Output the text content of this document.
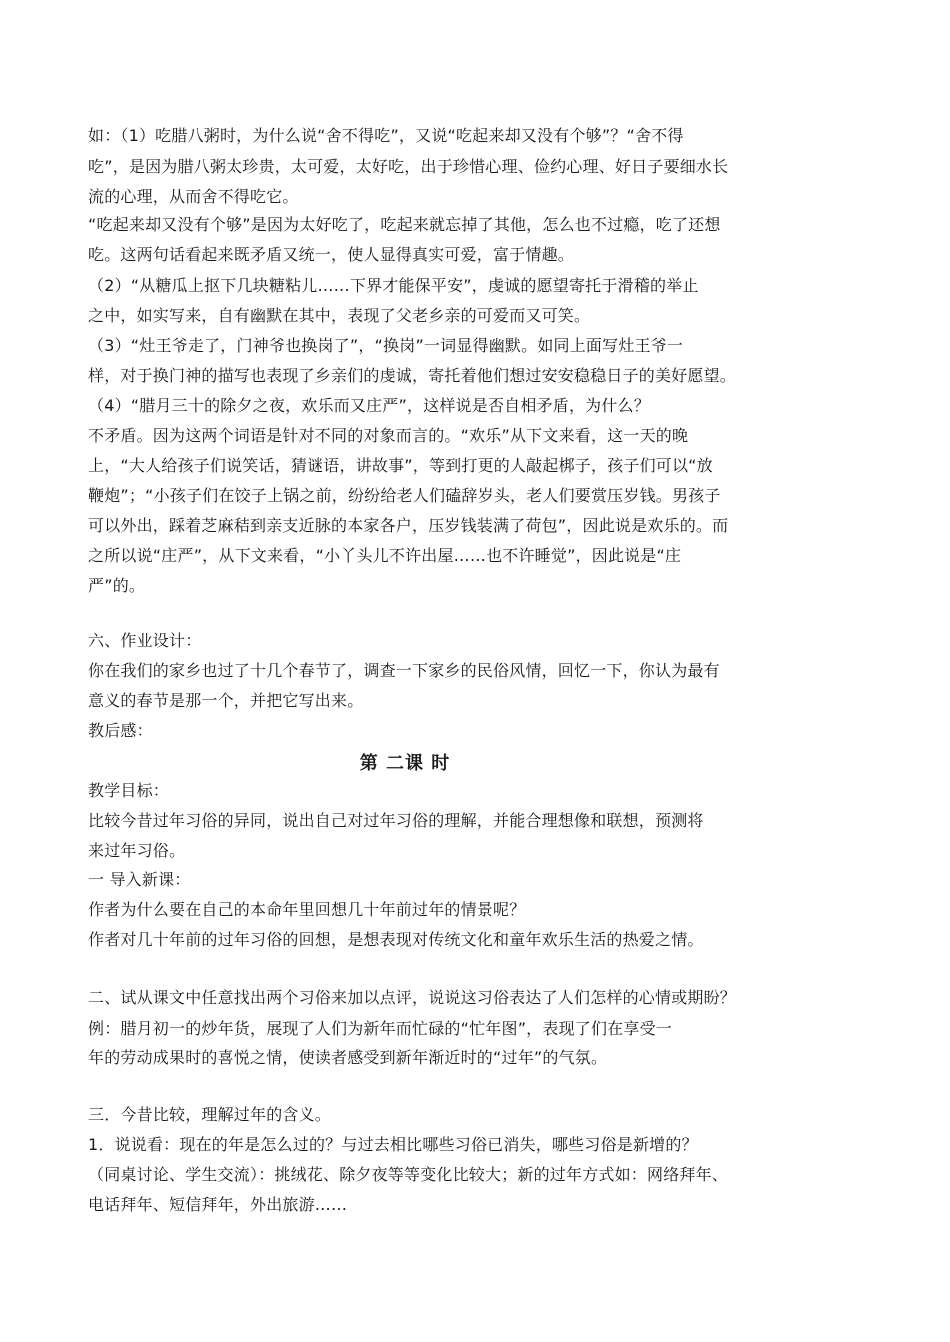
如：（1）吃腊八粥时，为什么说“舍不得吃”，又说“吃起来却又没有个够”？“舍不得
吃”，是因为腊八粥太珍贵，太可爱，太好吃，出于珍惜心理、俭约心理、好日子要细水长
流的心理，从而舍不得吃它。
“吃起来却又没有个够”是因为太好吃了，吃起来就忘掉了其他，怎么也不过瘾，吃了还想
吃。这两句话看起来既矛盾又统一，使人显得真实可爱，富于情趣。
（2）“从糖瓜上抠下几块糖粘儿……下界才能保平安”，虔诚的愿望寄托于滑稽的举止
之中，如实写来，自有幽默在其中，表现了父老乡亲的可爱而又可笑。
（3）“灶王爷走了，门神爷也换岗了”，“换岗”一词显得幽默。如同上面写灶王爷一
样，对于换门神的描写也表现了乡亲们的虔诚，寄托着他们想过安安稳稳日子的美好愿望。
（4）“腊月三十的除夕之夜，欢乐而又庄严”，这样说是否自相矛盾，为什么？
不矛盾。因为这两个词语是针对不同的对象而言的。“欢乐”从下文来看，这一天的晚
上，“大人给孩子们说笑话，猜谜语，讲故事”，等到打更的人敲起梆子，孩子们可以“放
鞭炮”；“小孩子们在饺子上锅之前，纷纷给老人们磕辞岁头，老人们要赏压岁钱。男孩子
可以外出，踩着芝麻秸到亲支近脉的本家各户，压岁钱装满了荷包”，因此说是欢乐的。而
之所以说“庄严”，从下文来看，“小丫头儿不许出屋……也不许睡觉”，因此说是“庄
严”的。
六、作业设计：
你在我们的家乡也过了十几个春节了，调查一下家乡的民俗风情，回忆一下，你认为最有
意义的春节是那一个，并把它写出来。
教后感：
第 二课 时
教学目标：
比较今昔过年习俗的异同，说出自己对过年习俗的理解，并能合理想像和联想，预测将
来过年习俗。
一 导入新课：
作者为什么要在自己的本命年里回想几十年前过年的情景呢？
作者对几十年前的过年习俗的回想，是想表现对传统文化和童年欢乐生活的热爱之情。
二、试从课文中任意找出两个习俗来加以点评，说说这习俗表达了人们怎样的心情或期盼？
例：腊月初一的炒年货，展现了人们为新年而忙碌的“忙年图”，表现了们在享受一
年的劳动成果时的喜悦之情，使读者感受到新年渐近时的“过年”的气氛。
三．今昔比较，理解过年的含义。
1．说说看：现在的年是怎么过的？与过去相比哪些习俗已消失，哪些习俗是新增的？
（同桌讨论、学生交流）：挑绒花、除夕夜等等变化比较大；新的过年方式如：网络拜年、
电话拜年、短信拜年，外出旅游……
